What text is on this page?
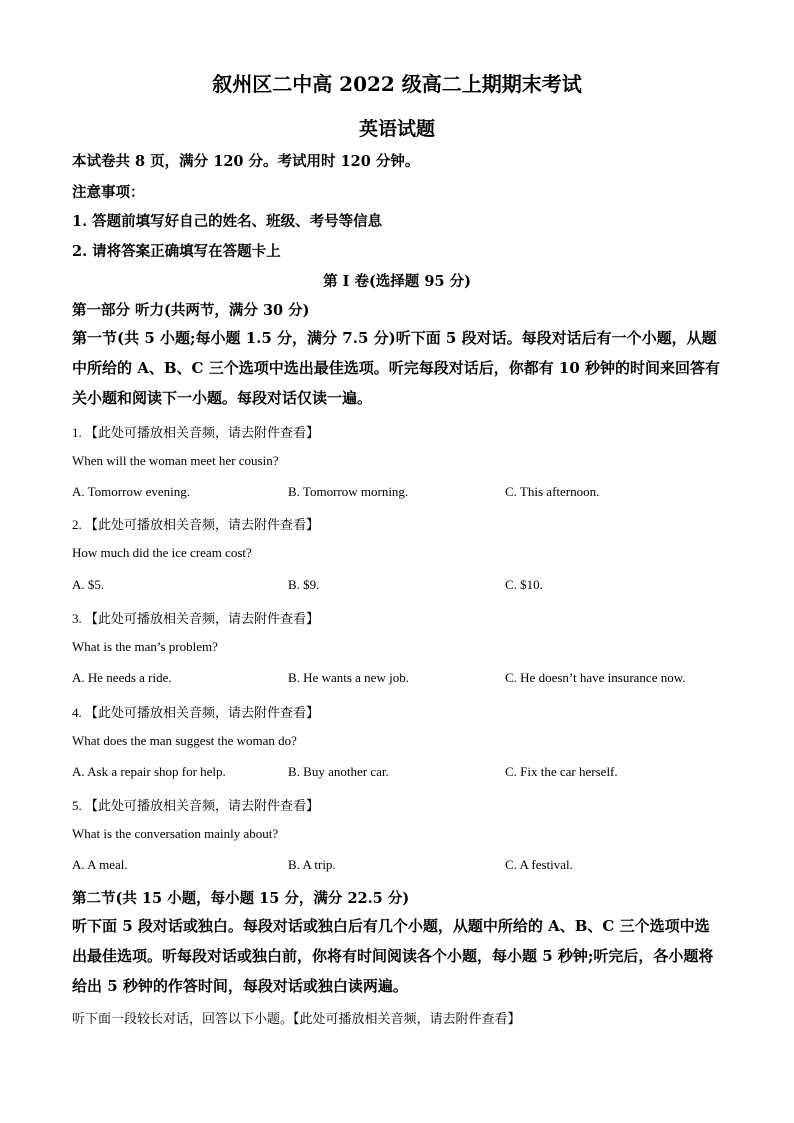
叙州区二中高 2022 级高二上期期末考试
英语试题
本试卷共 8 页，满分 120 分。考试用时 120 分钟。
注意事项：
1. 答题前填写好自己的姓名、班级、考号等信息
2. 请将答案正确填写在答题卡上
第 I 卷(选择题 95 分)
第一部分 听力(共两节，满分 30 分)
第一节(共 5 小题;每小题 1.5 分，满分 7.5 分)听下面 5 段对话。每段对话后有一个小题，从题中所给的 A、B、C 三个选项中选出最佳选项。听完每段对话后，你都有 10 秒钟的时间来回答有关小题和阅读下一小题。每段对话仅读一遍。
1. 【此处可播放相关音频，请去附件查看】
When will the woman meet her cousin?
A. Tomorrow evening.	B. Tomorrow morning.	C. This afternoon.
2. 【此处可播放相关音频，请去附件查看】
How much did the ice cream cost?
A. $5.	B. $9.	C. $10.
3. 【此处可播放相关音频，请去附件查看】
What is the man’s problem?
A. He needs a ride.	B. He wants a new job.	C. He doesn’t have insurance now.
4. 【此处可播放相关音频，请去附件查看】
What does the man suggest the woman do?
A. Ask a repair shop for help.	B. Buy another car.	C. Fix the car herself.
5. 【此处可播放相关音频，请去附件查看】
What is the conversation mainly about?
A. A meal.	B. A trip.	C. A festival.
第二节(共 15 小题，每小题 15 分，满分 22.5 分)
听下面 5 段对话或独白。每段对话或独白后有几个小题，从题中所给的 A、B、C 三个选项中选出最佳选项。听每段对话或独白前，你将有时间阅读各个小题，每小题 5 秒钟;听完后，各小题将给出 5 秒钟的作答时间，每段对话或独白读两遍。
听下面一段较长对话，回答以下小题。【此处可播放相关音频，请去附件查看】
